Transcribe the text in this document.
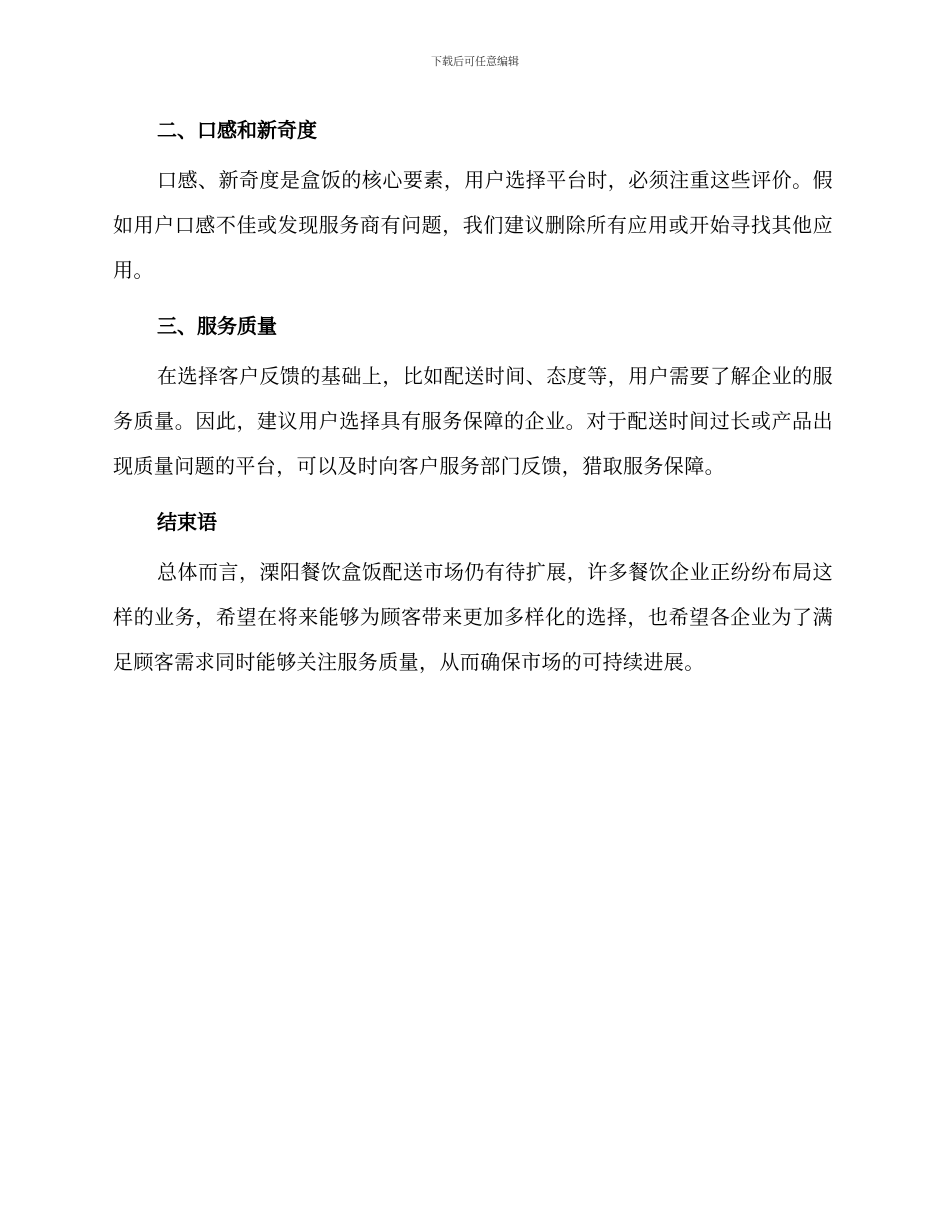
下载后可任意编辑
二、口感和新奇度

口感、新奇度是盒饭的核心要素，用户选择平台时，必须注重这些评价。假如用户口感不佳或发现服务商有问题，我们建议删除所有应用或开始寻找其他应用。

三、服务质量

在选择客户反馈的基础上，比如配送时间、态度等，用户需要了解企业的服务质量。因此，建议用户选择具有服务保障的企业。对于配送时间过长或产品出现质量问题的平台，可以及时向客户服务部门反馈，猎取服务保障。

结束语

总体而言，溧阳餐饮盒饭配送市场仍有待扩展，许多餐饮企业正纷纷布局这样的业务，希望在将来能够为顾客带来更加多样化的选择，也希望各企业为了满足顾客需求同时能够关注服务质量，从而确保市场的可持续进展。
